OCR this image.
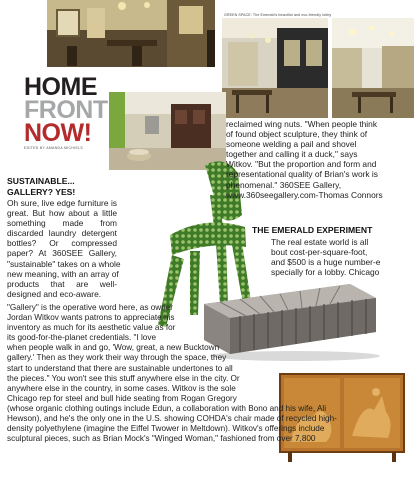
GREEN SPACE: The Emerald's beautiful and eco-friendly lobby
HOME
FRONT
NOW!
EDITED BY AMANDA MICHIELS
SUSTAINABLE...
GALLERY? YES!
Oh sure, live edge furniture is
great. But how about a little
something made from
discarded laundry detergent
bottles? Or compressed
paper? At 360SEE Gallery,
"sustainable" takes on a whole
new meaning, with an array of
products that are well-
designed and eco-aware.
reclaimed wing nuts. "When people think
of found object sculpture, they think of
someone welding a pail and shovel
together and calling it a duck," says
Witkov. "But the proportion and form and
representational quality of Brian's work is
phenomenal." 360SEE Gallery,
www.360seegallery.com-Thomas Connors
THE EMERALD EXPERIMENT
The real estate world is all
bout cost-per-square-foot,
and $500 is a huge number-e
specially for a lobby. Chicago
"Gallery" is the operative word here, as owner
Jordan Witkov wants patrons to appreciate his
inventory as much for its aesthetic value as for
its good-for-the-planet credentials. "I love
when people walk in and go, 'Wow, great, a new Bucktown
gallery.' Then as they work their way through the space, they
start to understand that there are sustainable undertones to all
the pieces." You won't see this stuff anywhere else in the city. Or
anywhere else in the country, in some cases. Witkov is the sole
Chicago rep for steel and bull hide seating from Rogan Gregory
(whose organic clothing outings include Edun, a collaboration with Bono and his wife, Ali
Hewson), and he's the only one in the U.S. showing COHDA's chair made of recycled high-
density polyethylene (imagine the Eiffel Twower in Meltdown). Witkov's offerings include
sculptural pieces, such as Brian Mock's "Winged Woman," fashioned from over 7,800
